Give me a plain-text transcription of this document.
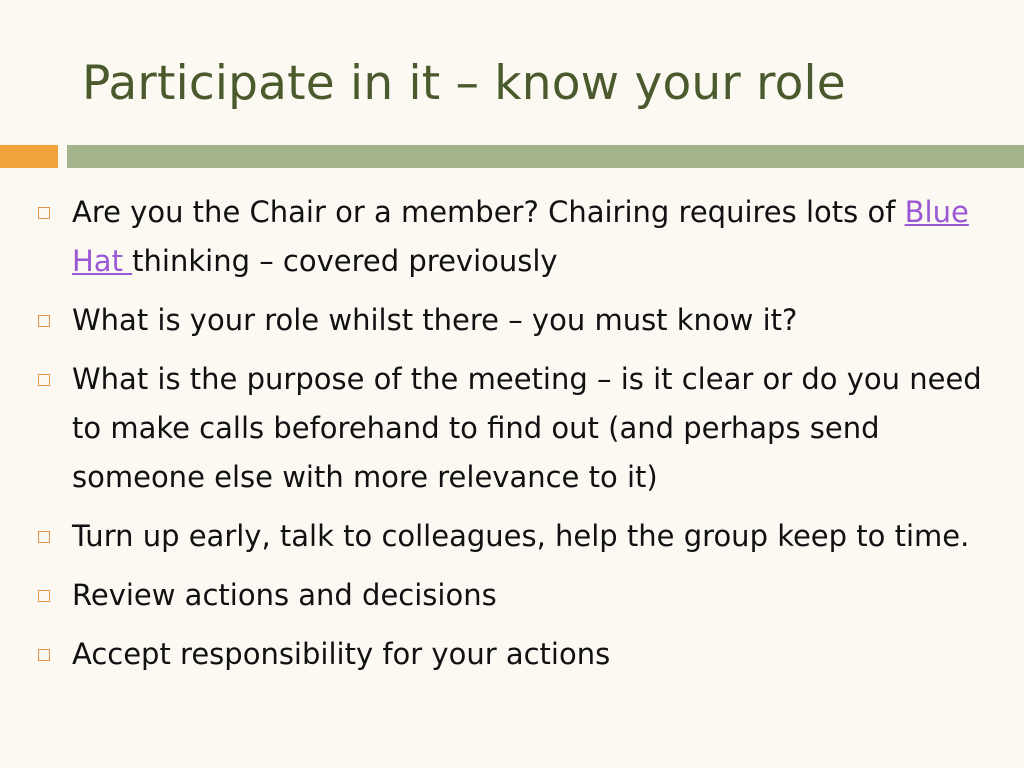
Participate in it – know your role
Are you the Chair or a member? Chairing requires lots of Blue Hat thinking – covered previously
What is your role whilst there – you must know it?
What is the purpose of the meeting – is it clear or do you need to make calls beforehand to find out (and perhaps send someone else with more relevance to it)
Turn up early, talk to colleagues, help the group keep to time.
Review actions and decisions
Accept responsibility for your actions
